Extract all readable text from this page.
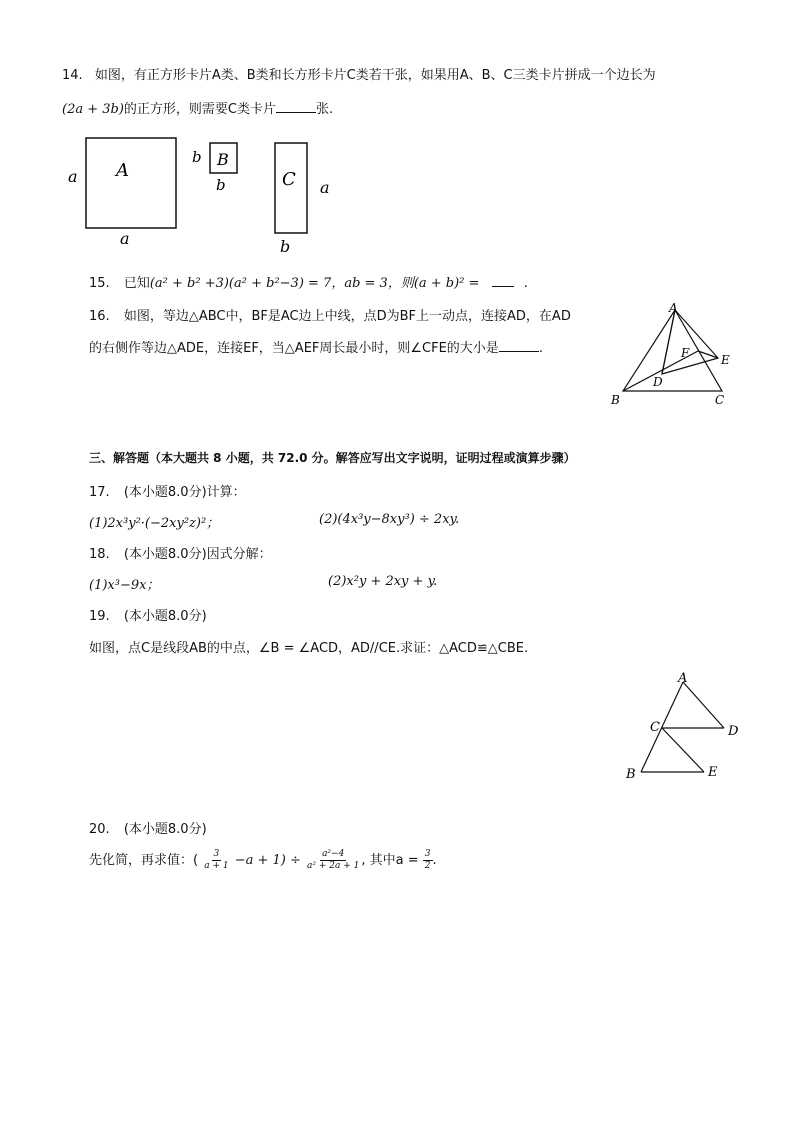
14. 如图，有正方形卡片A类、B类和长方形卡片C类若干张，如果用A、B、C三类卡片拼成一个边长为
(2a + 3b)的正方形，则需要C类卡片	张.
A
a
a
B
b
b	C a
b
15. 已知(a² + b² +3)(a² + b²−3) = 7，ab = 3，则(a + b)² =	.
16. 如图，等边△ABC中，BF是AC边上中线，点D为BF上一动点，连接AD，在AD
的右侧作等边△ADE，连接EF，当△AEF周长最小时，则∠CFE的大小是	.
A
B	C
D
E
F
三、解答题（本大题共 8 小题，共 72.0 分。解答应写出文字说明，证明过程或演算步骤）
17. (本小题8.0分)计算：
(1)2x³y²·(−2xy²z)²；	(2)(4x³y−8xy³) ÷ 2xy.
18. (本小题8.0分)因式分解：
(1)x³−9x；	(2)x²y + 2xy + y.
19. (本小题8.0分)
如图，点C是线段AB的中点，∠B = ∠ACD，AD//CE.求证：△ACD≌△CBE.
A
C	D
B	E
20. (本小题8.0分)
先化简，再求值：( $\frac{3}{a + 1} -a + 1) \div \frac{\text{a²−4}}{\text{a² + 2a + 1}}$ , 其中$a = \frac{3}{2}$ .
